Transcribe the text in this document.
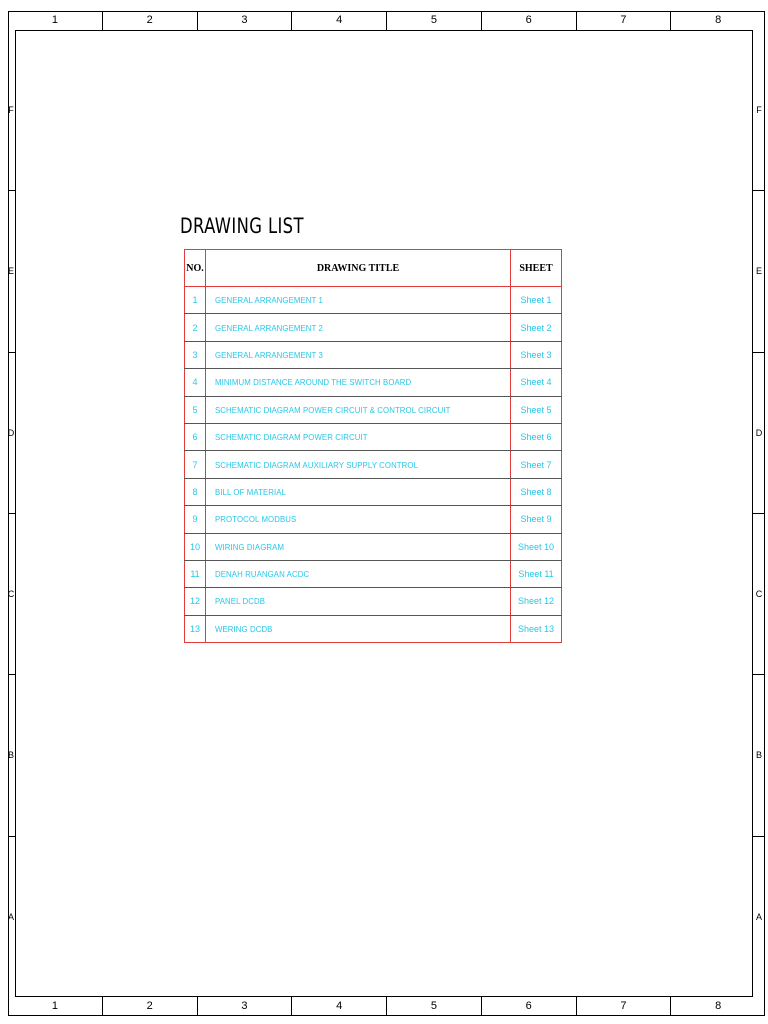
1	2	3	4	5	6	7	8
1	2	3	4	5	6	7	8
F
E
D
C
B
A
F
E
D
C
B
A
DRAWING LIST
NO.	DRAWING TITLE	SHEET
1	GENERAL ARRANGEMENT 1	Sheet 1
2	GENERAL ARRANGEMENT 2	Sheet 2
3	GENERAL ARRANGEMENT 3	Sheet 3
4	MINIMUM DISTANCE AROUND THE SWITCH BOARD	Sheet 4
5	SCHEMATIC DIAGRAM POWER CIRCUIT & CONTROL CIRCUIT	Sheet 5
6	SCHEMATIC DIAGRAM POWER CIRCUIT	Sheet 6
7	SCHEMATIC DIAGRAM AUXILIARY SUPPLY CONTROL	Sheet 7
8	BILL OF MATERIAL	Sheet 8
9	PROTOCOL MODBUS	Sheet 9
10	WIRING DIAGRAM	Sheet 10
11	DENAH RUANGAN ACDC	Sheet 11
12	PANEL DCDB	Sheet 12
13	WERING DCDB	Sheet 13
